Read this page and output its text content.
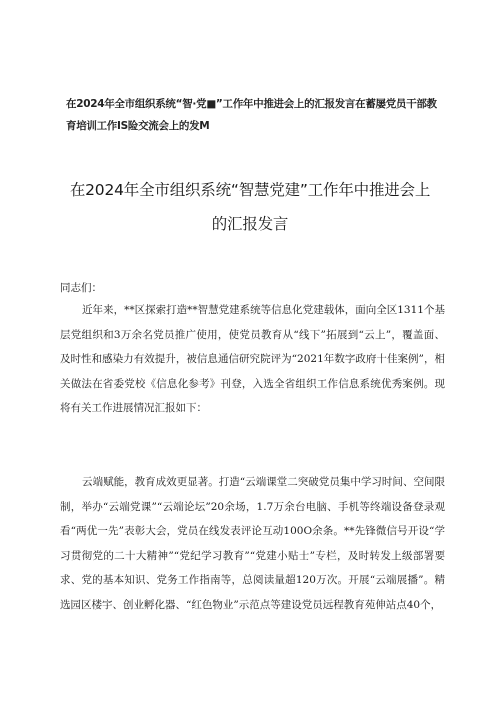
在2024年全市组织系统“智·党■”工作年中推进会上的汇报发言在蓄屡党员干部教
育培训工作IS险交流会上的发M
在2024年全市组织系统“智慧党建”工作年中推进会上
的汇报发言
同志们：

近年来，**区探索打造**智慧党建系统等信息化党建载体，面向全区1311个基层党组织和3万余名党员推广使用，使党员教育从“线下”拓展到“云上”，覆盖面、及时性和感染力有效提升，被信息通信研究院评为“2021年数字政府十佳案例”，相关做法在省委党校《信息化参考》刊登，入选全省组织工作信息系统优秀案例。现将有关工作进展情况汇报如下：

云端赋能，教育成效更显著。打造“云端课堂二突破党员集中学习时间、空间限制，举办“云端党课”“云端论坛”20余场，1.7万余台电脑、手机等终端设备登录观看“两优一先”表彰大会，党员在线发表评论互动100O余条。**先锋微信号开设“学习贯彻党的二十大精神”“党纪学习教育”“党建小贴士”专栏，及时转发上级部署要求、党的基本知识、党务工作指南等，总阅读量超120万次。开展“云端展播”。精选园区楼宇、创业孵化器、“红色物业”示范点等建设党员远程教育苑伸站点40个，
